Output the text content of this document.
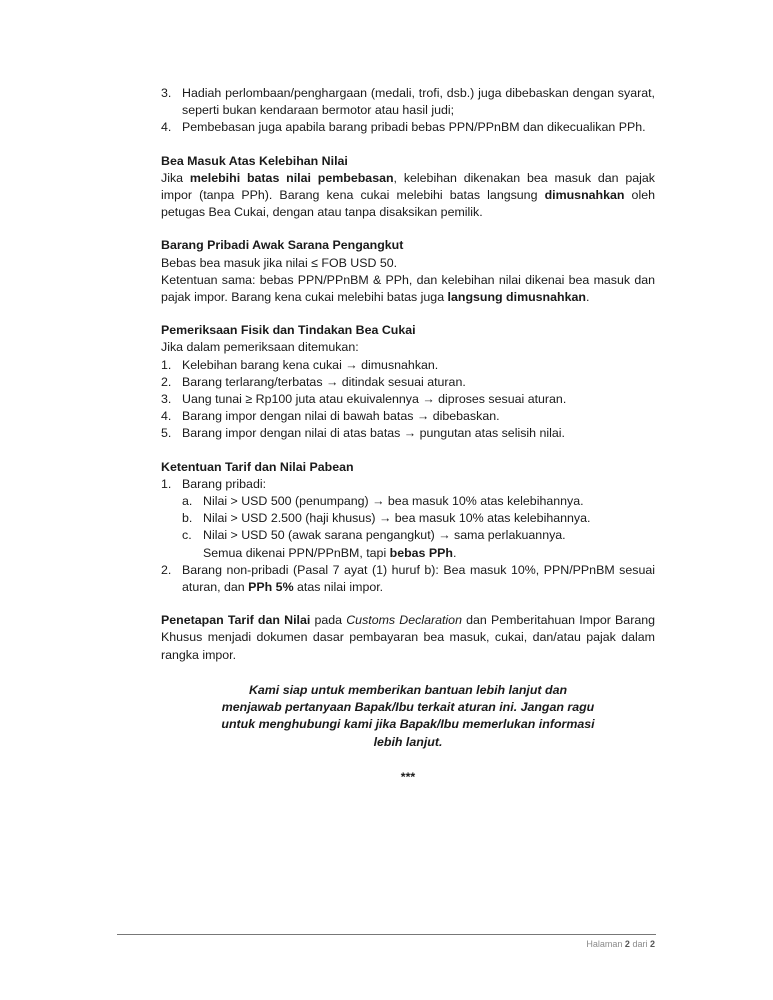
3. Hadiah perlombaan/penghargaan (medali, trofi, dsb.) juga dibebaskan dengan syarat, seperti bukan kendaraan bermotor atau hasil judi;
4. Pembebasan juga apabila barang pribadi bebas PPN/PPnBM dan dikecualikan PPh.

Bea Masuk Atas Kelebihan Nilai

Jika melebihi batas nilai pembebasan, kelebihan dikenakan bea masuk dan pajak impor (tanpa PPh). Barang kena cukai melebihi batas langsung dimusnahkan oleh petugas Bea Cukai, dengan atau tanpa disaksikan pemilik.

Barang Pribadi Awak Sarana Pengangkut

Bebas bea masuk jika nilai ≤ FOB USD 50.

Ketentuan sama: bebas PPN/PPnBM & PPh, dan kelebihan nilai dikenai bea masuk dan pajak impor. Barang kena cukai melebihi batas juga langsung dimusnahkan.

Pemeriksaan Fisik dan Tindakan Bea Cukai

Jika dalam pemeriksaan ditemukan:

1. Kelebihan barang kena cukai → dimusnahkan.
2. Barang terlarang/terbatas → ditindak sesuai aturan.
3. Uang tunai ≥ Rp100 juta atau ekuivalennya → diproses sesuai aturan.
4. Barang impor dengan nilai di bawah batas → dibebaskan.
5. Barang impor dengan nilai di atas batas → pungutan atas selisih nilai.

Ketentuan Tarif dan Nilai Pabean

1. Barang pribadi:
a. Nilai > USD 500 (penumpang) → bea masuk 10% atas kelebihannya.
b. Nilai > USD 2.500 (haji khusus) → bea masuk 10% atas kelebihannya.
c. Nilai > USD 50 (awak sarana pengangkut) → sama perlakuannya.
Semua dikenai PPN/PPnBM, tapi bebas PPh.
2. Barang non-pribadi (Pasal 7 ayat (1) huruf b): Bea masuk 10%, PPN/PPnBM sesuai aturan, dan PPh 5% atas nilai impor.

Penetapan Tarif dan Nilai pada Customs Declaration dan Pemberitahuan Impor Barang Khusus menjadi dokumen dasar pembayaran bea masuk, cukai, dan/atau pajak dalam rangka impor.

Kami siap untuk memberikan bantuan lebih lanjut dan menjawab pertanyaan Bapak/Ibu terkait aturan ini. Jangan ragu untuk menghubungi kami jika Bapak/Ibu memerlukan informasi lebih lanjut.

***

Halaman 2 dari 2
